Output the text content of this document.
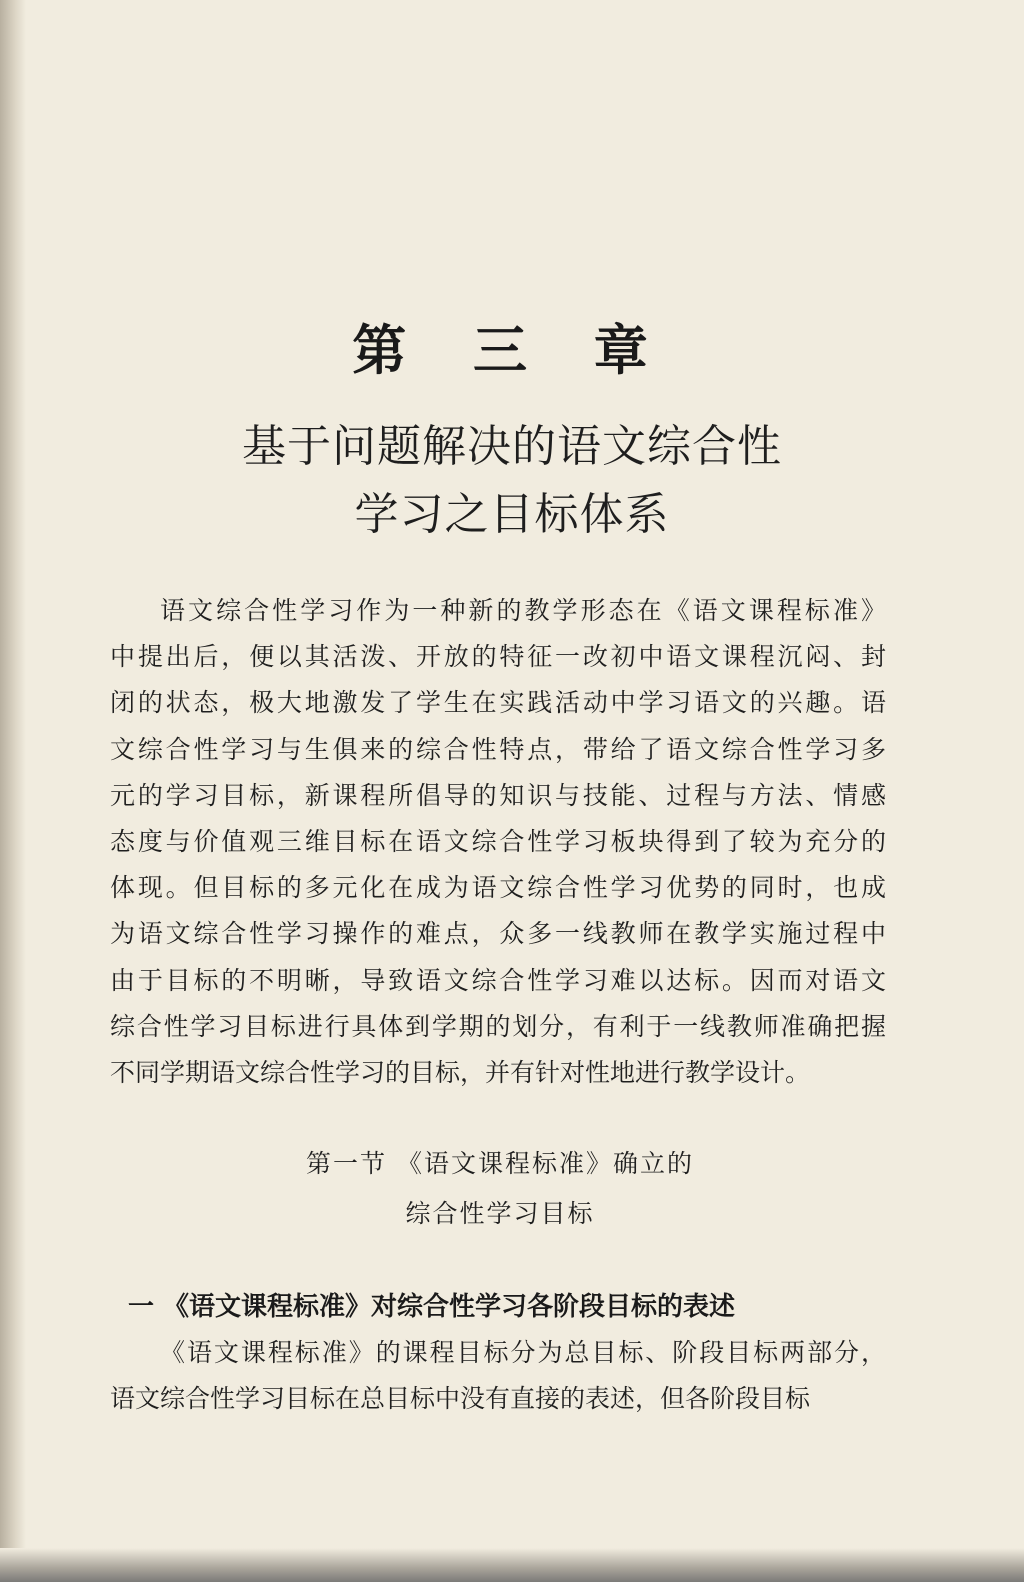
第 三 章
基于问题解决的语文综合性
学习之目标体系
语文综合性学习作为一种新的教学形态在《语文课程标准》
中提出后，便以其活泼、开放的特征一改初中语文课程沉闷、封
闭的状态，极大地激发了学生在实践活动中学习语文的兴趣。语
文综合性学习与生俱来的综合性特点，带给了语文综合性学习多
元的学习目标，新课程所倡导的知识与技能、过程与方法、情感
态度与价值观三维目标在语文综合性学习板块得到了较为充分的
体现。但目标的多元化在成为语文综合性学习优势的同时，也成
为语文综合性学习操作的难点，众多一线教师在教学实施过程中
由于目标的不明晰，导致语文综合性学习难以达标。因而对语文
综合性学习目标进行具体到学期的划分，有利于一线教师准确把握
不同学期语文综合性学习的目标，并有针对性地进行教学设计。
第一节 《语文课程标准》确立的
综合性学习目标
一 《语文课程标准》对综合性学习各阶段目标的表述
《语文课程标准》的课程目标分为总目标、阶段目标两部分，
语文综合性学习目标在总目标中没有直接的表述，但各阶段目标
